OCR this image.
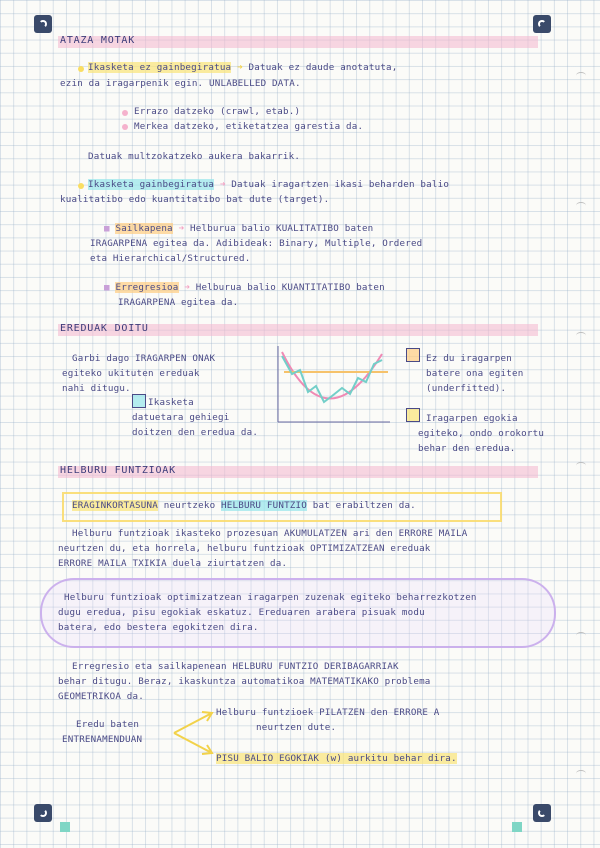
ATAZA MOTAK
Ikasketa ez gainbegiratua ➜ Datuak ez daude anotatuta,
ezin da iragarpenik egin. UNLABELLED DATA.
Errazo datzeko (crawl, etab.)
Merkea datzeko, etiketatzea garestia da.
Datuak multzokatzeko aukera bakarrik.
Ikasketa gainbegiratua ➜ Datuak iragartzen ikasi beharden balio
kualitatibo edo kuantitatibo bat dute (target).
■ Sailkapena ➜ Helburua balio KUALITATIBO baten
IRAGARPENA egitea da. Adibideak: Binary, Multiple, Ordered
eta Hierarchical/Structured.
■ Erregresioa ➜ Helburua balio KUANTITATIBO baten
IRAGARPENA egitea da.
EREDUAK DOITU
Garbi dago IRAGARPEN ONAK
egiteko ukituten ereduak
nahi ditugu.
Ikasketa
datuetara gehiegi
doitzen den eredua da.
Ez du iragarpen
batere ona egiten
(underfitted).
Iragarpen egokia
egiteko, ondo orokortu
behar den eredua.
HELBURU FUNTZIOAK
ERAGINKORTASUNA neurtzeko HELBURU FUNTZIO bat erabiltzen da.
Helburu funtzioak ikasteko prozesuan AKUMULATZEN ari den ERRORE MAILA
neurtzen du, eta horrela, helburu funtzioak OPTIMIZATZEAN ereduak
ERRORE MAILA TXIKIA duela ziurtatzen da.
Helburu funtzioak optimizatzean iragarpen zuzenak egiteko beharrezkotzen
dugu eredua, pisu egokiak eskatuz. Ereduaren arabera pisuak modu
batera, edo bestera egokitzen dira.
Erregresio eta sailkapenean HELBURU FUNTZIO DERIBAGARRIAK
behar ditugu. Beraz, ikaskuntza automatikoa MATEMATIKAKO problema
GEOMETRIKOA da.
Eredu baten
ENTRENAMENDUAN
Helburu funtzioek PILATZEN den ERRORE A
neurtzen dute.
PISU BALIO EGOKIAK (w) aurkitu behar dira.
